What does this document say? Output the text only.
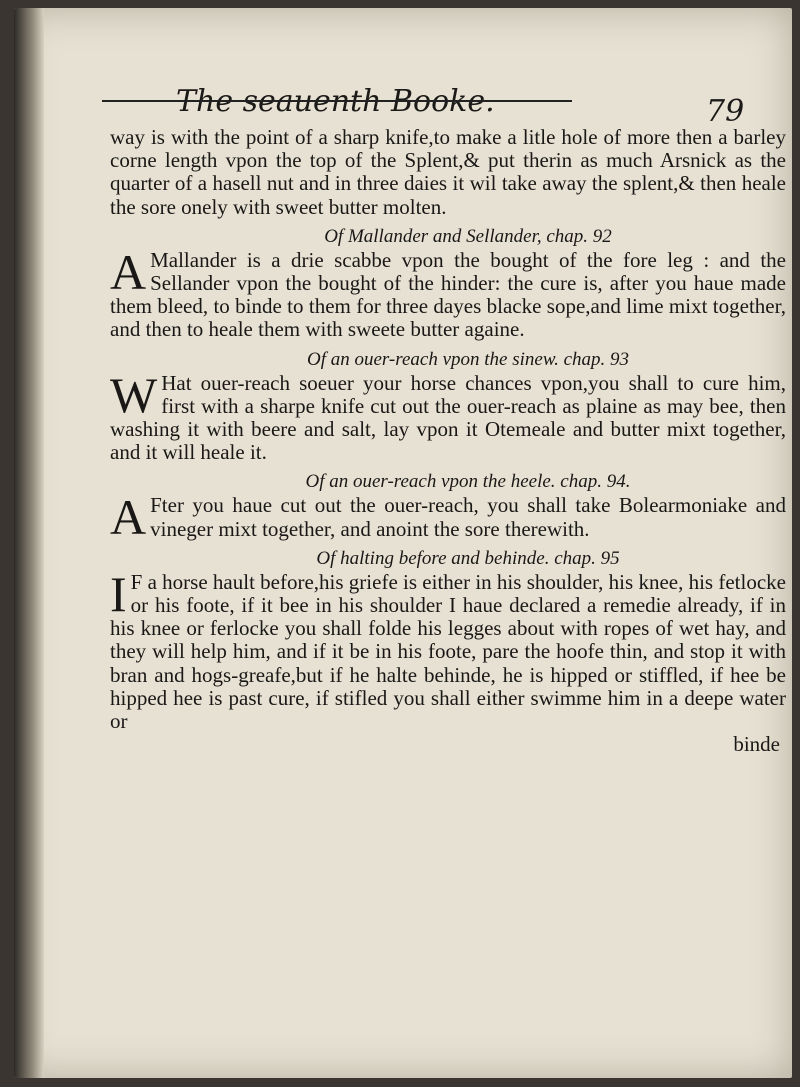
The seauenth Booke.	79

way is with the point of a sharp knife,to make a litle hole of more then a barley corne length vpon the top of the Splent,& put therin as much Arsnick as the quarter of a hasell nut and in three daies it wil take away the splent,& then heale the sore onely with sweet butter molten.

Of Mallander and Sellander, chap. 92

A Mallander is a drie scabbe vpon the bought of the fore leg : and the Sellander vpon the bought of the hinder: the cure is, after you haue made them bleed, to binde to them for three dayes blacke sope,and lime mixt together, and then to heale them with sweete butter againe.

Of an ouer-reach vpon the sinew. chap. 93

W Hat ouer-reach soeuer your horse chances vpon,you shall to cure him, first with a sharpe knife cut out the ouer-reach as plaine as may bee, then washing it with beere and salt, lay vpon it Otemeale and butter mixt together, and it will heale it.

Of an ouer-reach vpon the heele. chap. 94.

A Fter you haue cut out the ouer-reach, you shall take Bolearmoniake and vineger mixt together, and anoint the sore therewith.

Of halting before and behinde. chap. 95

I F a horse hault before,his griefe is either in his shoulder, his knee, his fetlocke or his foote, if it bee in his shoulder I haue declared a remedie already, if in his knee or ferlocke you shall folde his legges about with ropes of wet hay, and they will help him, and if it be in his foote, pare the hoofe thin, and stop it with bran and hogs-greafe,but if he halte behinde, he is hipped or stiffled, if hee be hipped hee is past cure, if stifled you shall either swimme him in a deepe water or

binde
